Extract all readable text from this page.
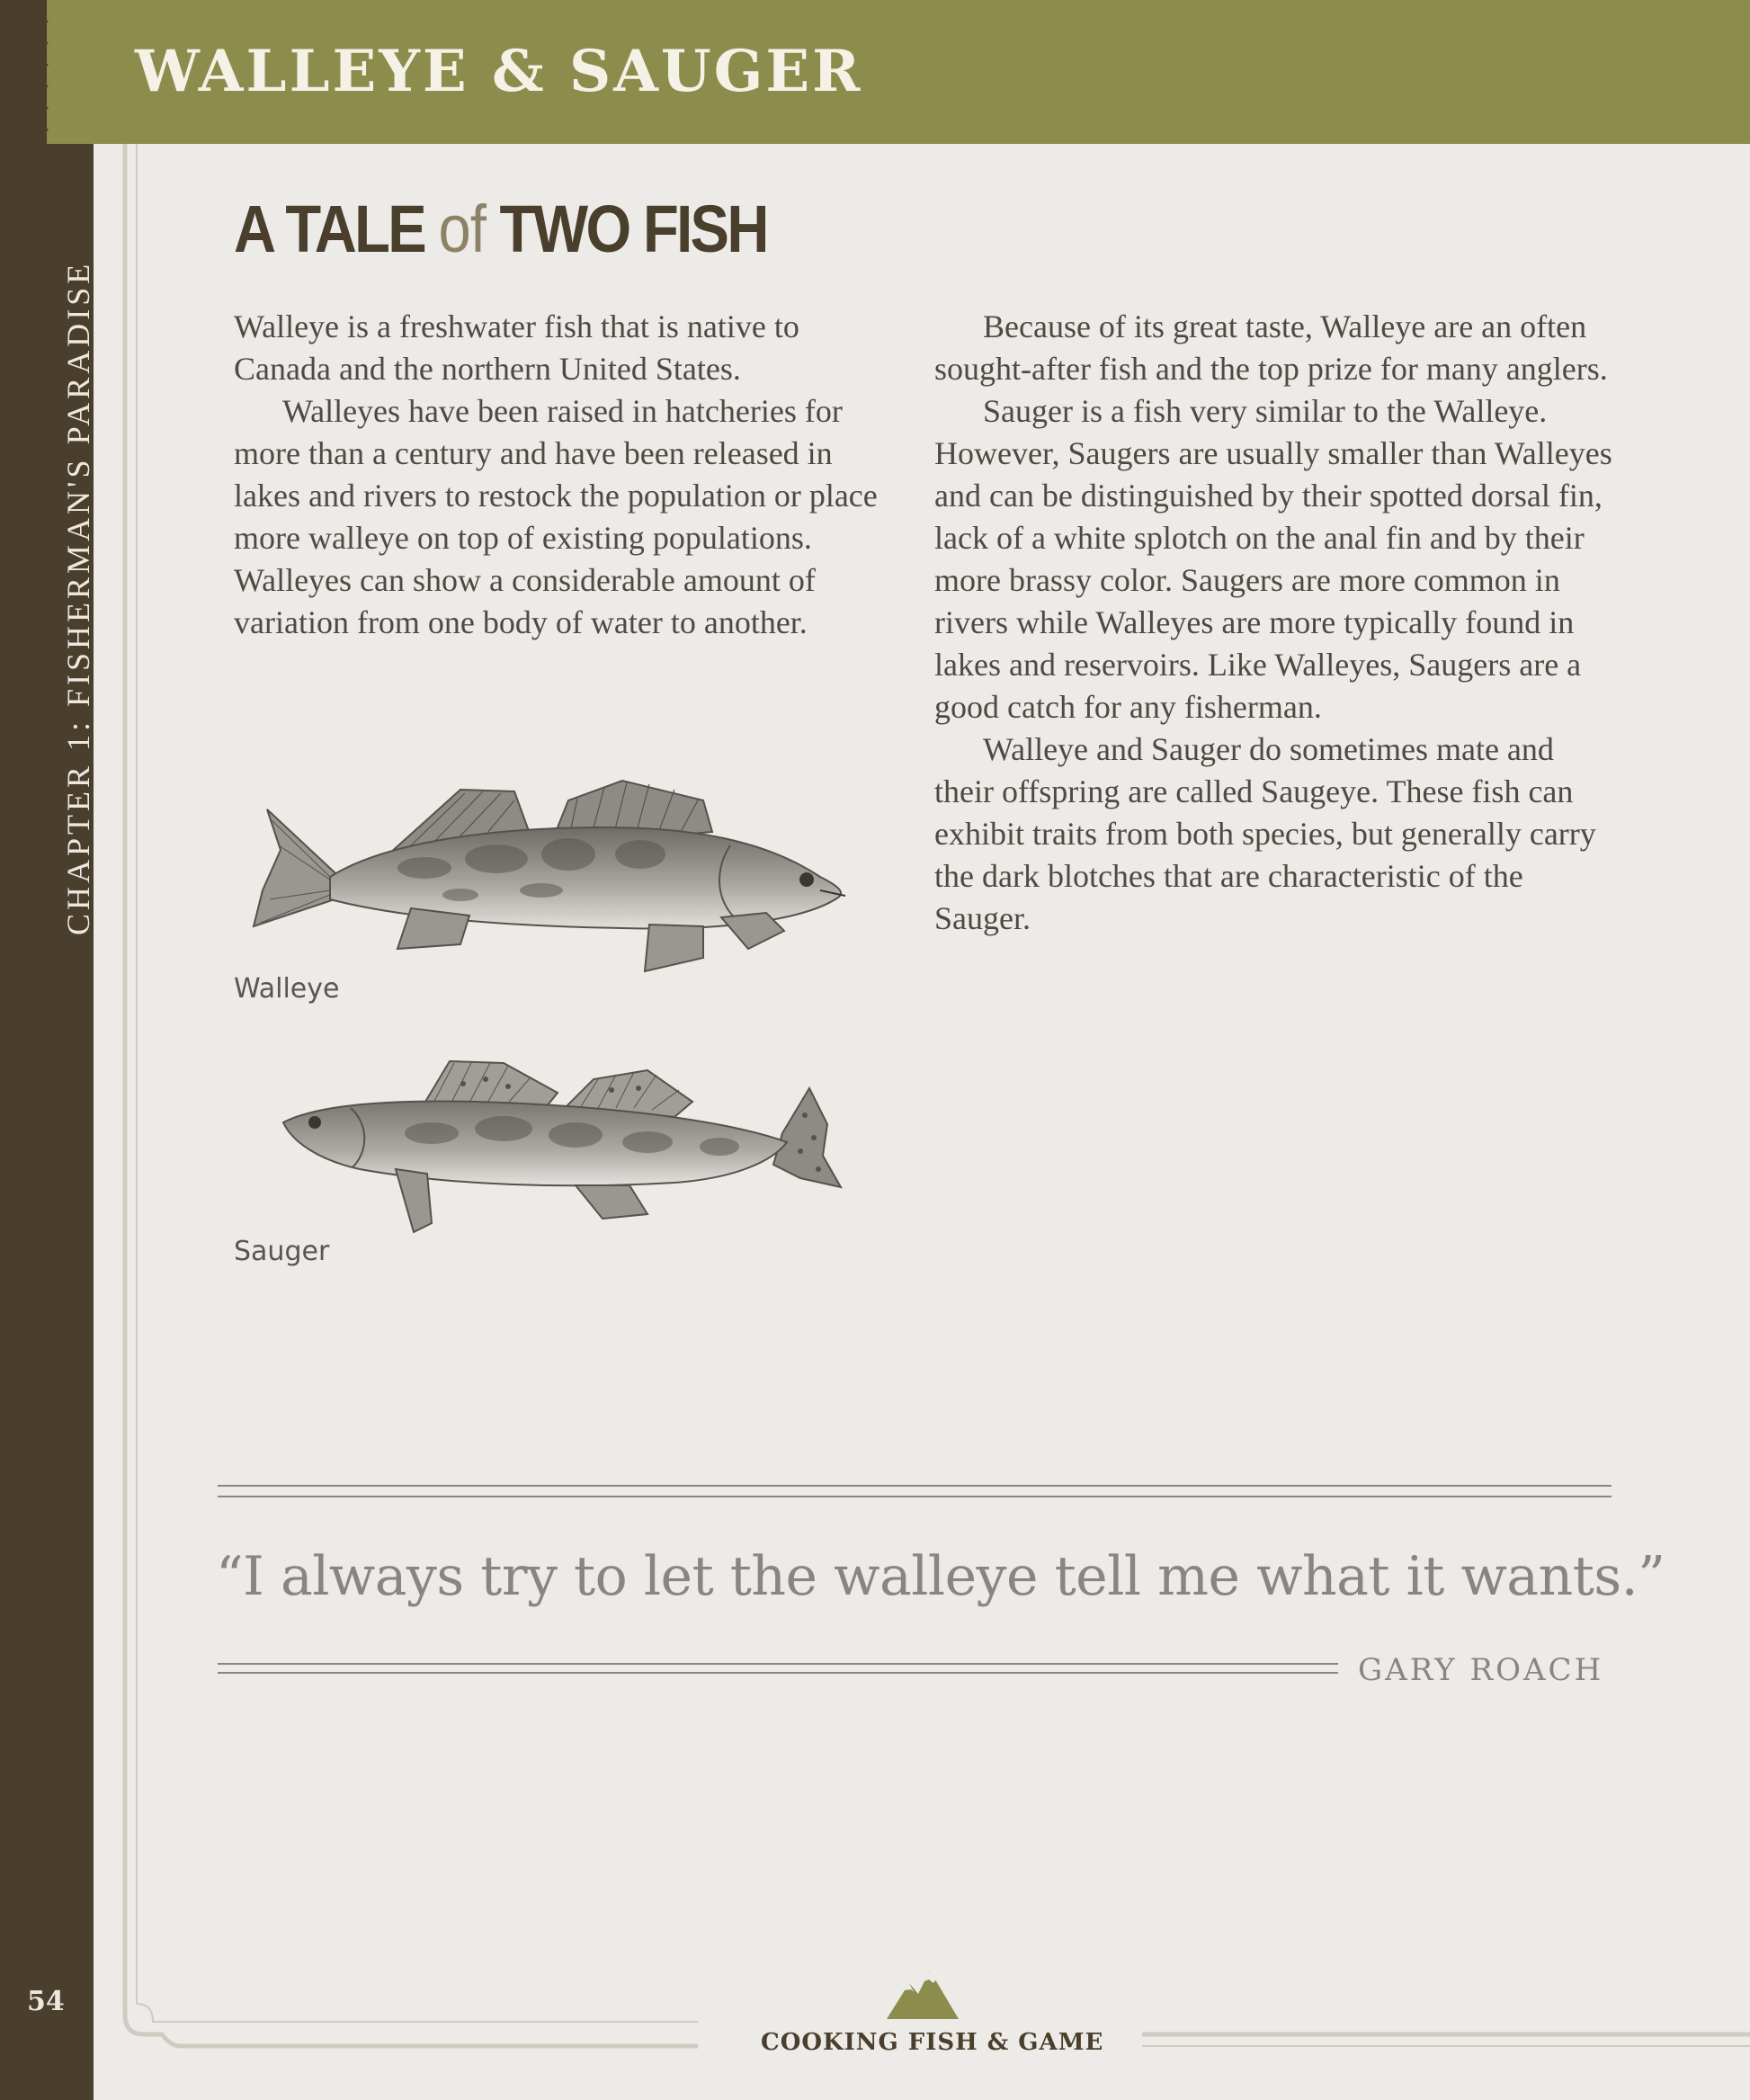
WALLEYE & SAUGER
CHAPTER 1: FISHERMAN'S PARADISE
54
A TALE of TWO FISH

Walleye is a freshwater fish that is native to Canada and the northern United States.

Walleyes have been raised in hatcheries for more than a century and have been released in lakes and rivers to restock the population or place more walleye on top of existing populations. Walleyes can show a considerable amount of variation from one body of water to another.

Because of its great taste, Walleye are an often sought-after fish and the top prize for many anglers.

Sauger is a fish very similar to the Walleye. However, Saugers are usually smaller than Walleyes and can be distinguished by their spotted dorsal fin, lack of a white splotch on the anal fin and by their more brassy color. Saugers are more common in rivers while Walleyes are more typically found in lakes and reservoirs. Like Walleyes, Saugers are a good catch for any fisherman.

Walleye and Sauger do sometimes mate and their offspring are called Saugeye. These fish can exhibit traits from both species, but generally carry the dark blotches that are characteristic of the Sauger.

Walleye
Sauger
“I always try to let the walleye tell me what it wants.”
GARY ROACH
COOKING FISH & GAME
